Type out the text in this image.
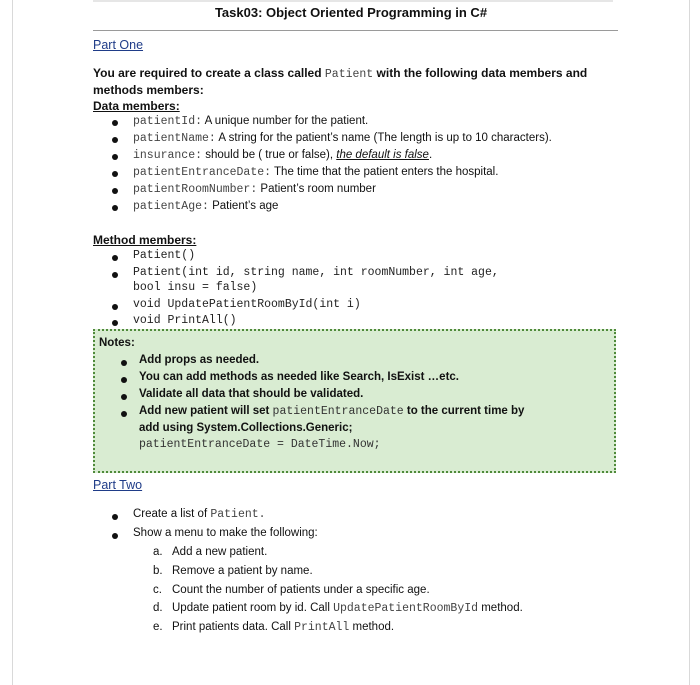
Task03: Object Oriented Programming in C#
Part One
You are required to create a class called Patient with the following data members and
methods members:
Data members:
patientId: A unique number for the patient.
patientName: A string for the patient’s name (The length is up to 10 characters).
insurance: should be ( true or false), the default is false.
patientEntranceDate: The time that the patient enters the hospital.
patientRoomNumber: Patient’s room number
patientAge: Patient’s age
Method members:
Patient()
Patient(int id, string name, int roomNumber, int age,
bool insu = false)
void UpdatePatientRoomById(int i)
void PrintAll()
Notes:
Add props as needed.
You can add methods as needed like Search, IsExist …etc.
Validate all data that should be validated.
Add new patient will set patientEntranceDate to the current time by
add using System.Collections.Generic;
patientEntranceDate = DateTime.Now;
Part Two
Create a list of Patient.
Show a menu to make the following:
a. Add a new patient.
b. Remove a patient by name.
c. Count the number of patients under a specific age.
d. Update patient room by id. Call UpdatePatientRoomById method.
e. Print patients data. Call PrintAll method.
